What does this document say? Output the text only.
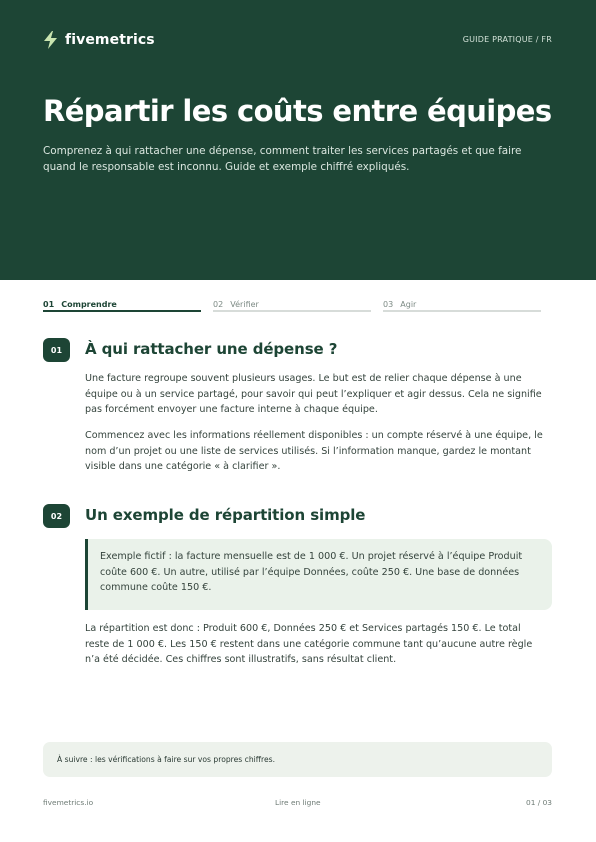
fivemetrics	GUIDE PRATIQUE / FR
Répartir les coûts entre équipes

Comprenez à qui rattacher une dépense, comment traiter les services partagés et que faire quand le responsable est inconnu. Guide et exemple chiffré expliqués.

01 Comprendre	02 Vérifier	03 Agir
01	À qui rattacher une dépense ?

Une facture regroupe souvent plusieurs usages. Le but est de relier chaque dépense à une équipe ou à un service partagé, pour savoir qui peut l’expliquer et agir dessus. Cela ne signifie pas forcément envoyer une facture interne à chaque équipe.

Commencez avec les informations réellement disponibles : un compte réservé à une équipe, le nom d’un projet ou une liste de services utilisés. Si l’information manque, gardez le montant visible dans une catégorie « à clarifier ».

02	Un exemple de répartition simple
Exemple fictif : la facture mensuelle est de 1 000 €. Un projet réservé à l’équipe Produit coûte 600 €. Un autre, utilisé par l’équipe Données, coûte 250 €. Une base de données commune coûte 150 €.

La répartition est donc : Produit 600 €, Données 250 € et Services partagés 150 €. Le total reste de 1 000 €. Les 150 € restent dans une catégorie commune tant qu’aucune autre règle n’a été décidée. Ces chiffres sont illustratifs, sans résultat client.

À suivre : les vérifications à faire sur vos propres chiffres.
fivemetrics.io	Lire en ligne	01 / 03
